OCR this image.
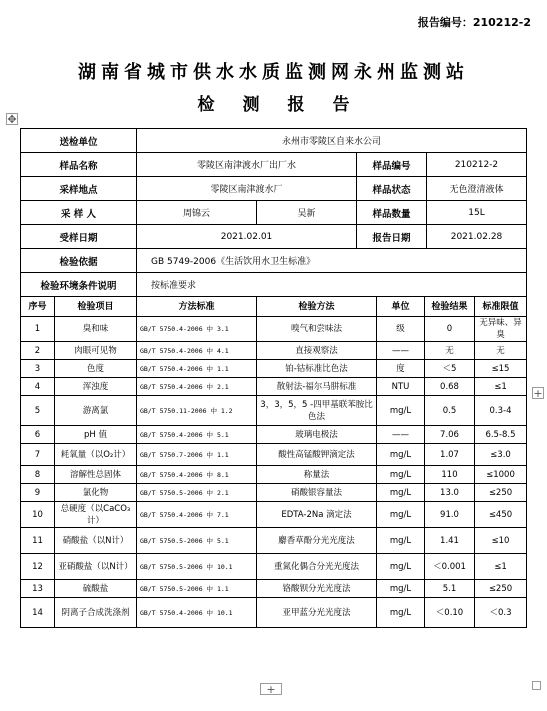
报告编号：210212-2
湖南省城市供水水质监测网永州监测站
检测报告
✥
送检单位	永州市零陵区自来水公司			
样品名称	零陵区南津渡水厂出厂水		样品编号	210212-2
采样地点	零陵区南津渡水厂		样品状态	无色澄清液体
采 样 人	周锦云	吴新	样品数量	15L
受样日期	2021.02.01		报告日期	2021.02.28
检验依据	GB 5749-2006《生活饮用水卫生标准》			
检验环境条件说明	按标准要求			
序号	检验项目	方法标准	检验方法	单位	检验结果	标准限值
1	臭和味	GB/T 5750.4-2006 中 3.1	嗅气和尝味法	级	0	无异味、异臭
2	肉眼可见物	GB/T 5750.4-2006 中 4.1	直接观察法	——	无	无
3	色度	GB/T 5750.4-2006 中 1.1	铂-钴标准比色法	度	＜5	≤15
4	浑浊度	GB/T 5750.4-2006 中 2.1	散射法-福尔马肼标准	NTU	0.68	≤1
5	游离氯	GB/T 5750.11-2006 中 1.2	3，3，5，5 -四甲基联苯胺比色法	mg/L	0.5	0.3-4
6	pH 值	GB/T 5750.4-2006 中 5.1	玻璃电极法	——	7.06	6.5-8.5
7	耗氧量（以O₂计）	GB/T 5750.7-2006 中 1.1	酸性高锰酸钾滴定法	mg/L	1.07	≤3.0
8	溶解性总固体	GB/T 5750.4-2006 中 8.1	称量法	mg/L	110	≤1000
9	氯化物	GB/T 5750.5-2006 中 2.1	硝酸银容量法	mg/L	13.0	≤250
10	总硬度（以CaCO₃计）	GB/T 5750.4-2006 中 7.1	EDTA-2Na 滴定法	mg/L	91.0	≤450
11	硝酸盐（以N计）	GB/T 5750.5-2006 中 5.1	麝香草酚分光光度法	mg/L	1.41	≤10
12	亚硝酸盐（以N计）	GB/T 5750.5-2006 中 10.1	重氮化偶合分光光度法	mg/L	＜0.001	≤1
13	硫酸盐	GB/T 5750.5-2006 中 1.1	铬酸钡分光光度法	mg/L	5.1	≤250
14	阴离子合成洗涤剂	GB/T 5750.4-2006 中 10.1	亚甲蓝分光光度法	mg/L	＜0.10	＜0.3
+
+
